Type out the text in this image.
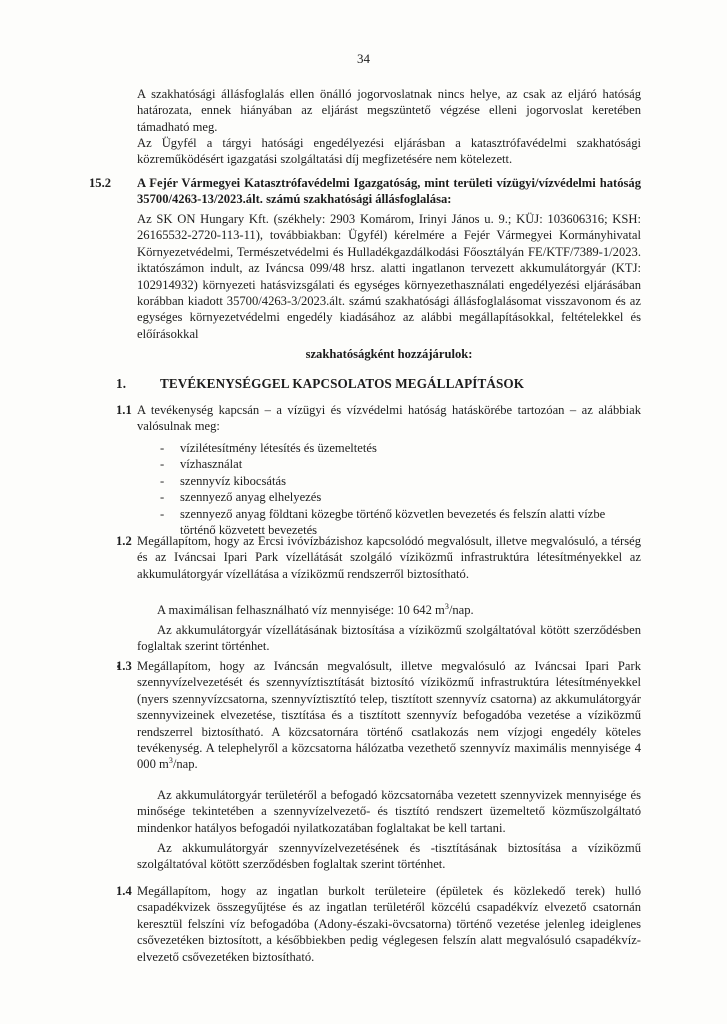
34

A szakhatósági állásfoglalás ellen önálló jogorvoslatnak nincs helye, az csak az eljáró hatóság határozata, ennek hiányában az eljárást megszüntető végzése elleni jogorvoslat keretében támadható meg.

Az Ügyfél a tárgyi hatósági engedélyezési eljárásban a katasztrófavédelmi szakhatósági közreműködésért igazgatási szolgáltatási díj megfizetésére nem kötelezett.

15.2 A Fejér Vármegyei Katasztrófavédelmi Igazgatóság, mint területi vízügyi/vízvédelmi hatóság 35700/4263-13/2023.ált. számú szakhatósági állásfoglalása:

Az SK ON Hungary Kft. (székhely: 2903 Komárom, Irinyi János u. 9.; KÜJ: 103606316; KSH: 26165532-2720-113-11), továbbiakban: Ügyfél) kérelmére a Fejér Vármegyei Kormányhivatal Környezetvédelmi, Természetvédelmi és Hulladékgazdálkodási Főosztályán FE/KTF/7389-1/2023. iktatószámon indult, az Iváncsa 099/48 hrsz. alatti ingatlanon tervezett akkumulátorgyár (KTJ: 102914932) környezeti hatásvizsgálati és egységes környezethasználati engedélyezési eljárásában korábban kiadott 35700/4263-3/2023.ált. számú szakhatósági állásfoglalásomat visszavonom és az egységes környezetvédelmi engedély kiadásához az alábbi megállapításokkal, feltételekkel és előírásokkal

szakhatóságként hozzájárulok:

1.	TEVÉKENYSÉGGEL KAPCSOLATOS MEGÁLLAPÍTÁSOK
1.1 A tevékenység kapcsán – a vízügyi és vízvédelmi hatóság hatáskörébe tartozóan – az alábbiak valósulnak meg:

- vízilétesítmény létesítés és üzemeltetés
- vízhasználat
- szennyvíz kibocsátás
- szennyező anyag elhelyezés
- szennyező anyag földtani közegbe történő közvetlen bevezetés és felszín alatti vízbe történő közvetett bevezetés
1.2 Megállapítom, hogy az Ercsi ivóvízbázishoz kapcsolódó megvalósult, illetve megvalósuló, a térség és az Iváncsai Ipari Park vízellátását szolgáló víziközmű infrastruktúra létesítményekkel az akkumulátorgyár vízellátása a víziközmű rendszerről biztosítható.

A maximálisan felhasználható víz mennyisége: 10 642 $m^3$/nap.

Az akkumulátorgyár vízellátásának biztosítása a víziközmű szolgáltatóval kötött szerződésben foglaltak szerint történhet.

1.3 Megállapítom, hogy az Iváncsán megvalósult, illetve megvalósuló az Iváncsai Ipari Park szennyvízelvezetését és szennyvíztisztítását biztosító víziközmű infrastruktúra létesítményekkel (nyers szennyvízcsatorna, szennyvíztisztító telep, tisztított szennyvíz csatorna) az akkumulátorgyár szennyvizeinek elvezetése, tisztítása és a tisztított szennyvíz befogadóba vezetése a víziközmű rendszerrel biztosítható. A közcsatornára történő csatlakozás nem vízjogi engedély köteles tevékenység. A telephelyről a közcsatorna hálózatba vezethető szennyvíz maximális mennyisége 4 000 $m^3$/nap.

Az akkumulátorgyár területéről a befogadó közcsatornába vezetett szennyvizek mennyisége és minősége tekintetében a szennyvízelvezető- és tisztító rendszert üzemeltető közműszolgáltató mindenkor hatályos befogadói nyilatkozatában foglaltakat be kell tartani.

Az akkumulátorgyár szennyvízelvezetésének és -tisztításának biztosítása a víziközmű szolgáltatóval kötött szerződésben foglaltak szerint történhet.

1.4 Megállapítom, hogy az ingatlan burkolt területeire (épületek és közlekedő terek) hulló csapadékvizek összegyűjtése és az ingatlan területéről közcélú csapadékvíz elvezető csatornán keresztül felszíni víz befogadóba (Adony-északi-övcsatorna) történő vezetése jelenleg ideiglenes csővezetéken biztosított, a későbbiekben pedig véglegesen felszín alatt megvalósuló csapadékvíz-elvezető csővezetéken biztosítható.
